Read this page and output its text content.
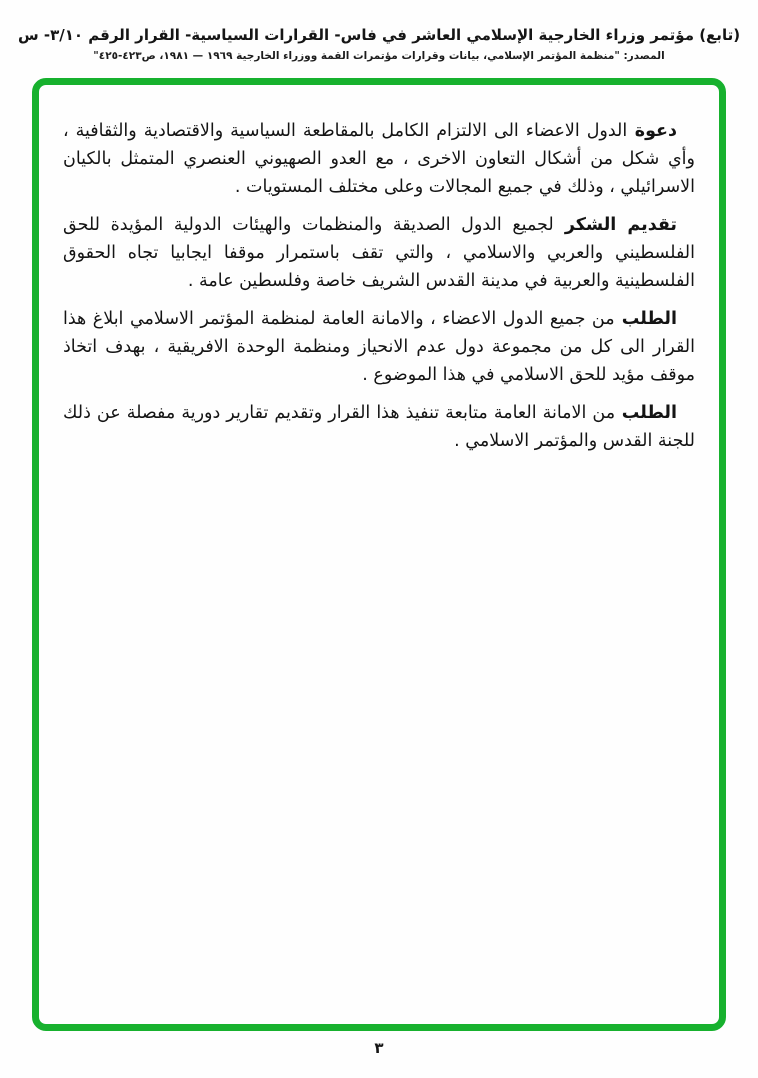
(تابع) مؤتمر وزراء الخارجية الإسلامي العاشر في فاس- القرارات السياسية- القرار الرقم ٣/١٠- س
المصدر: "منظمة المؤتمر الإسلامي، بيانات وقرارات مؤتمرات القمة ووزراء الخارجية ١٩٦٩ — ١٩٨١، ص٤٢٣-٤٢٥"

دعوة الدول الاعضاء الى الالتزام الكامل بالمقاطعة السياسية والاقتصادية والثقافية ، وأي شكل من أشكال التعاون الاخرى ، مع العدو الصهيوني العنصري المتمثل بالكيان الاسرائيلي ، وذلك في جميع المجالات وعلى مختلف المستويات .

تقديم الشكر لجميع الدول الصديقة والمنظمات والهيئات الدولية المؤيدة للحق الفلسطيني والعربي والاسلامي ، والتي تقف باستمرار موقفا ايجابيا تجاه الحقوق الفلسطينية والعربية في مدينة القدس الشريف خاصة وفلسطين عامة .

الطلب من جميع الدول الاعضاء ، والامانة العامة لمنظمة المؤتمر الاسلامي ابلاغ هذا القرار الى كل من مجموعة دول عدم الانحياز ومنظمة الوحدة الافريقية ، بهدف اتخاذ موقف مؤيد للحق الاسلامي في هذا الموضوع .

الطلب من الامانة العامة متابعة تنفيذ هذا القرار وتقديم تقارير دورية مفصلة عن ذلك للجنة القدس والمؤتمر الاسلامي .

٣
